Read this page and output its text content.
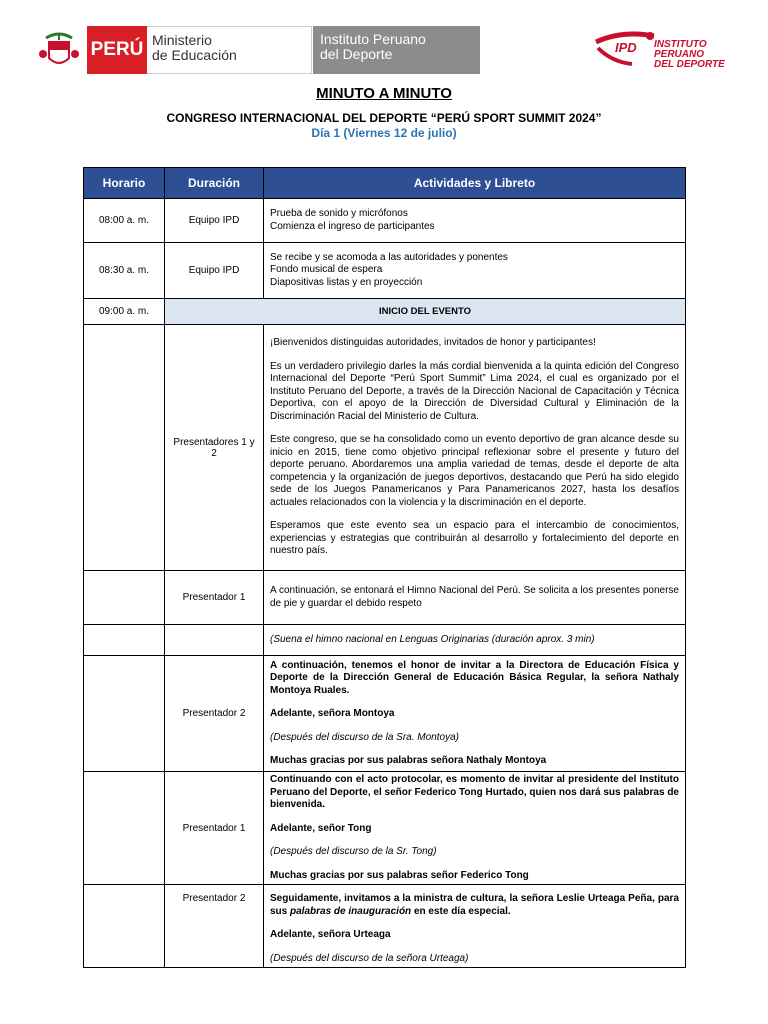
PERÚ Ministerio
de Educación
Instituto Peruano
del Deporte	IPD INSTITUTO
PERUANO
DEL DEPORTE
MINUTO A MINUTO
CONGRESO INTERNACIONAL DEL DEPORTE “PERÚ SPORT SUMMIT 2024”
Día 1 (Viernes 12 de julio)
Horario	Duración	Actividades y Libreto
08:00 a. m.	Equipo IPD	Prueba de sonido y micrófonos
Comienza el ingreso de participantes

08:30 a. m.	Equipo IPD	Se recibe y se acomoda a las autoridades y ponentes
Fondo musical de espera
Diapositivas listas y en proyección

09:00 a. m.	INICIO DEL EVENTO	
	Presentadores 1 y 2	¡Bienvenidos distinguidas autoridades, invitados de honor y participantes!

Es un verdadero privilegio darles la más cordial bienvenida a la quinta edición del Congreso Internacional del Deporte “Perú Sport Summit” Lima 2024, el cual es organizado por el Instituto Peruano del Deporte, a través de la Dirección Nacional de Capacitación y Técnica Deportiva, con el apoyo de la Dirección de Diversidad Cultural y Eliminación de la Discriminación Racial del Ministerio de Cultura.

Este congreso, que se ha consolidado como un evento deportivo de gran alcance desde su inicio en 2015, tiene como objetivo principal reflexionar sobre el presente y futuro del deporte peruano. Abordaremos una amplia variedad de temas, desde el deporte de alta competencia y la organización de juegos deportivos, destacando que Perú ha sido elegido sede de los Juegos Panamericanos y Para Panamericanos 2027, hasta los desafíos actuales relacionados con la violencia y la discriminación en el deporte.

Esperamos que este evento sea un espacio para el intercambio de conocimientos, experiencias y estrategias que contribuirán al desarrollo y fortalecimiento del deporte en nuestro país.

	Presentador 1	A continuación, se entonará el Himno Nacional del Perú. Se solicita a los presentes ponerse de pie y guardar el debido respeto
		(Suena el himno nacional en Lenguas Originarias (duración aprox. 3 min)
	Presentador 2	A continuación, tenemos el honor de invitar a la Directora de Educación Física y Deporte de la Dirección General de Educación Básica Regular, la señora Nathaly Montoya Ruales.

Adelante, señora Montoya

(Después del discurso de la Sra. Montoya)

Muchas gracias por sus palabras señora Nathaly Montoya

	Presentador 1	Continuando con el acto protocolar, es momento de invitar al presidente del Instituto Peruano del Deporte, el señor Federico Tong Hurtado, quien nos dará sus palabras de bienvenida.

Adelante, señor Tong

(Después del discurso de la Sr. Tong)

Muchas gracias por sus palabras señor Federico Tong

	Presentador 2	Seguidamente, invitamos a la ministra de cultura, la señora Leslie Urteaga Peña, para sus palabras de inauguración en este día especial.

Adelante, señora Urteaga

(Después del discurso de la señora Urteaga)
